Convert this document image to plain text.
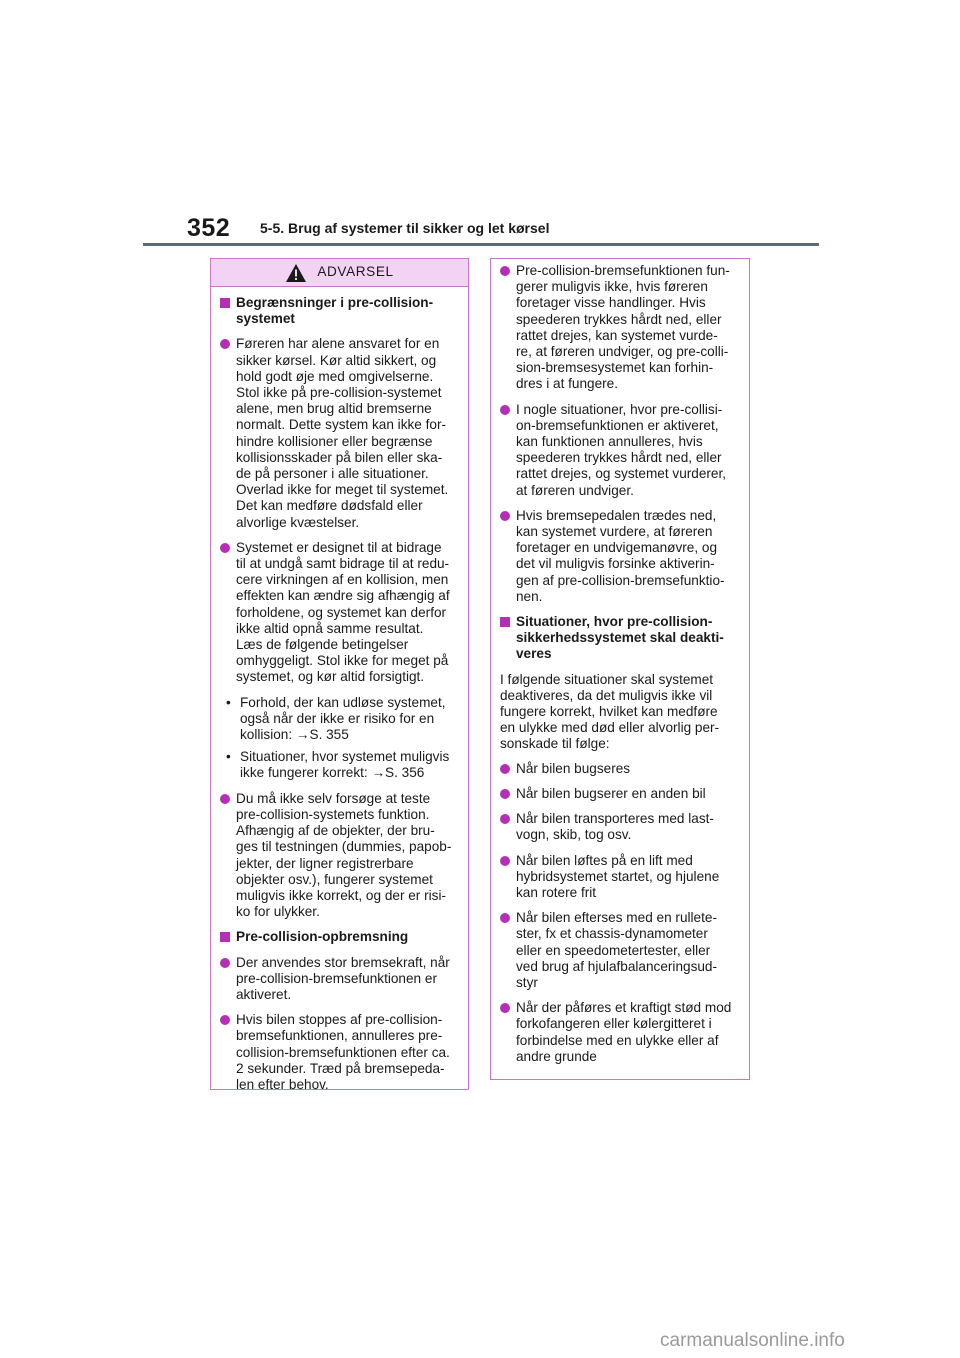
352 5-5. Brug af systemer til sikker og let kørsel
ADVARSEL
Begrænsninger i pre-collision-
systemet
Føreren har alene ansvaret for en
sikker kørsel. Kør altid sikkert, og
hold godt øje med omgivelserne.
Stol ikke på pre-collision-systemet
alene, men brug altid bremserne
normalt. Dette system kan ikke for-
hindre kollisioner eller begrænse
kollisionsskader på bilen eller ska-
de på personer i alle situationer.
Overlad ikke for meget til systemet.
Det kan medføre dødsfald eller
alvorlige kvæstelser.
Systemet er designet til at bidrage
til at undgå samt bidrage til at redu-
cere virkningen af en kollision, men
effekten kan ændre sig afhængig af
forholdene, og systemet kan derfor
ikke altid opnå samme resultat.
Læs de følgende betingelser
omhyggeligt. Stol ikke for meget på
systemet, og kør altid forsigtigt.
• Forhold, der kan udløse systemet,
også når der ikke er risiko for en
kollision: →S. 355
• Situationer, hvor systemet muligvis
ikke fungerer korrekt: →S. 356
Du må ikke selv forsøge at teste
pre-collision-systemets funktion.
Afhængig af de objekter, der bru-
ges til testningen (dummies, papob-
jekter, der ligner registrerbare
objekter osv.), fungerer systemet
muligvis ikke korrekt, og der er risi-
ko for ulykker.
Pre-collision-opbremsning
Der anvendes stor bremsekraft, når
pre-collision-bremsefunktionen er
aktiveret.
Hvis bilen stoppes af pre-collision-
bremsefunktionen, annulleres pre-
collision-bremsefunktionen efter ca.
2 sekunder. Træd på bremsepeda-
len efter behov.
Pre-collision-bremsefunktionen fun-
gerer muligvis ikke, hvis føreren
foretager visse handlinger. Hvis
speederen trykkes hårdt ned, eller
rattet drejes, kan systemet vurde-
re, at føreren undviger, og pre-colli-
sion-bremsesystemet kan forhin-
dres i at fungere.
I nogle situationer, hvor pre-collisi-
on-bremsefunktionen er aktiveret,
kan funktionen annulleres, hvis
speederen trykkes hårdt ned, eller
rattet drejes, og systemet vurderer,
at føreren undviger.
Hvis bremsepedalen trædes ned,
kan systemet vurdere, at føreren
foretager en undvigemanøvre, og
det vil muligvis forsinke aktiverin-
gen af pre-collision-bremsefunktio-
nen.
Situationer, hvor pre-collision-
sikkerhedssystemet skal deakti-
veres
I følgende situationer skal systemet
deaktiveres, da det muligvis ikke vil
fungere korrekt, hvilket kan medføre
en ulykke med død eller alvorlig per-
sonskade til følge:
Når bilen bugseres
Når bilen bugserer en anden bil
Når bilen transporteres med last-
vogn, skib, tog osv.
Når bilen løftes på en lift med
hybridsystemet startet, og hjulene
kan rotere frit
Når bilen efterses med en rullete-
ster, fx et chassis-dynamometer
eller en speedometertester, eller
ved brug af hjulafbalanceringsud-
styr
Når der påføres et kraftigt stød mod
forkofangeren eller kølergitteret i
forbindelse med en ulykke eller af
andre grunde
carmanualsonline.info
